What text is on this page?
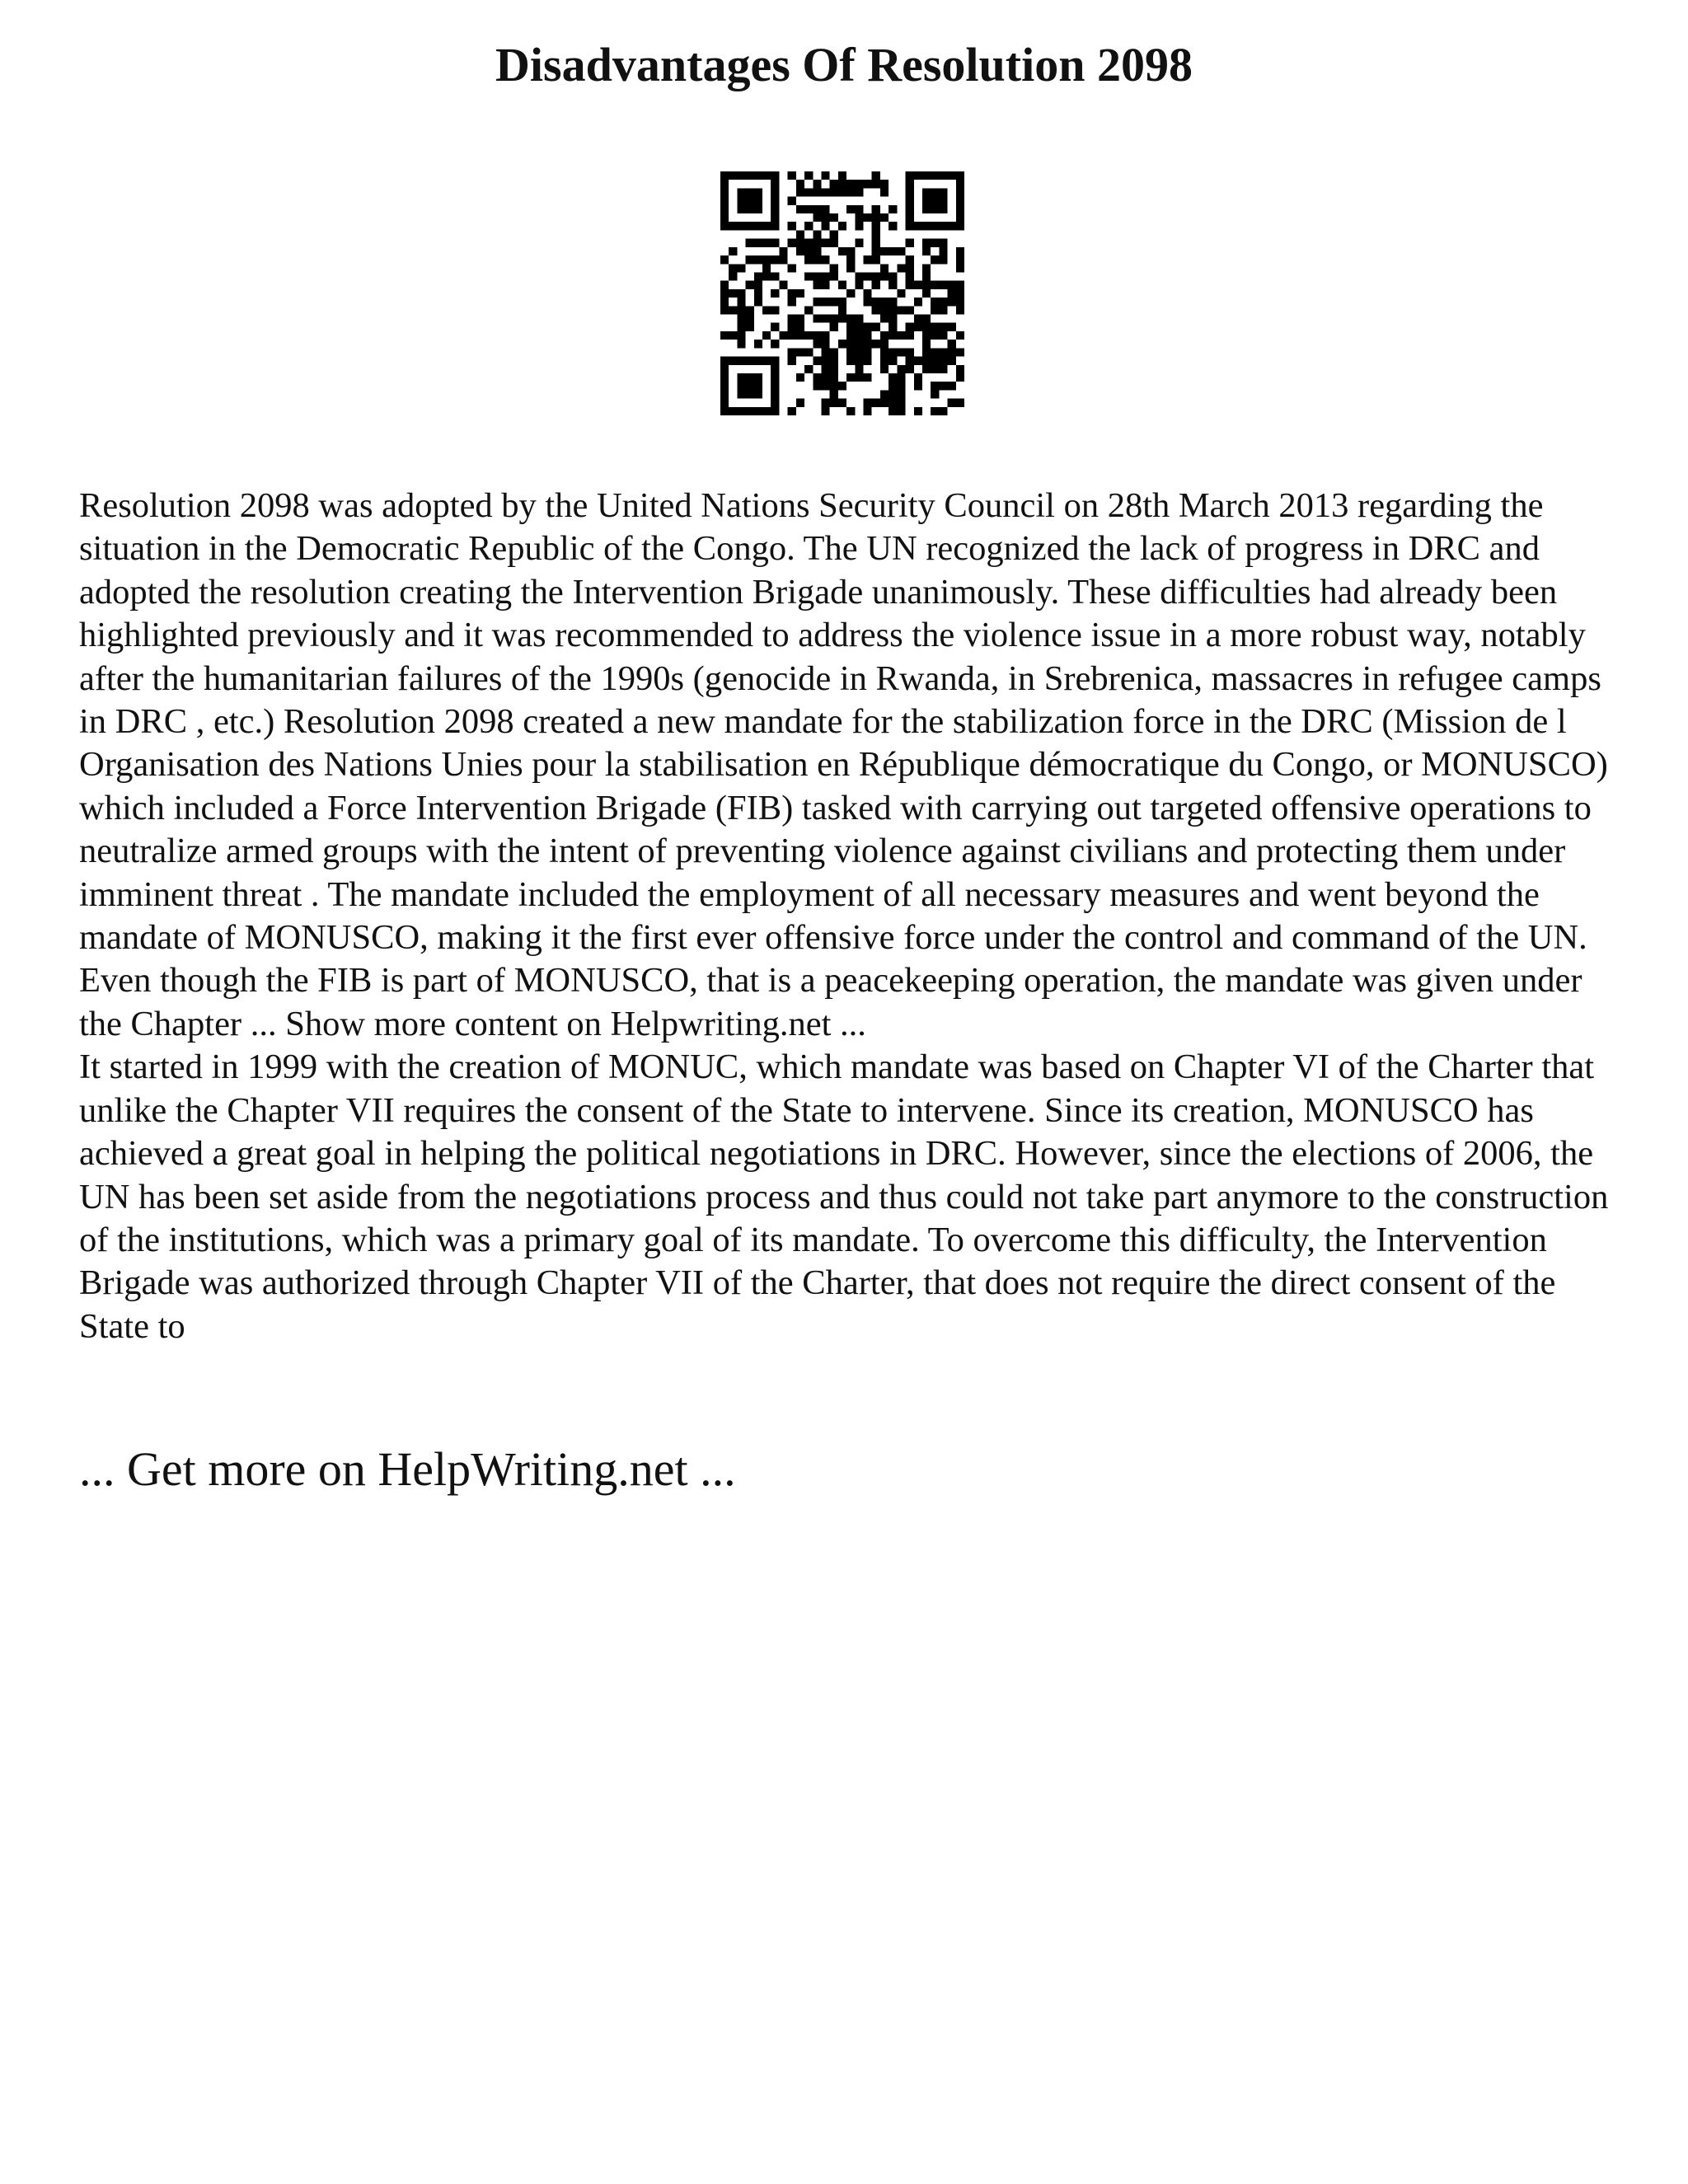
Disadvantages Of Resolution 2098

Resolution 2098 was adopted by the United Nations Security Council on 28th March 2013 regarding the situation in the Democratic Republic of the Congo. The UN recognized the lack of progress in DRC and adopted the resolution creating the Intervention Brigade unanimously. These difficulties had already been highlighted previously and it was recommended to address the violence issue in a more robust way, notably after the humanitarian failures of the 1990s (genocide in Rwanda, in Srebrenica, massacres in refugee camps in DRC , etc.) Resolution 2098 created a new mandate for the stabilization force in the DRC (Mission de l Organisation des Nations Unies pour la stabilisation en République démocratique du Congo, or MONUSCO) which included a Force Intervention Brigade (FIB) tasked with carrying out targeted offensive operations to neutralize armed groups with the intent of preventing violence against civilians and protecting them under imminent threat . The mandate included the employment of all necessary measures and went beyond the mandate of MONUSCO, making it the first ever offensive force under the control and command of the UN. Even though the FIB is part of MONUSCO, that is a peacekeeping operation, the mandate was given under the Chapter ... Show more content on Helpwriting.net ...

It started in 1999 with the creation of MONUC, which mandate was based on Chapter VI of the Charter that unlike the Chapter VII requires the consent of the State to intervene. Since its creation, MONUSCO has achieved a great goal in helping the political negotiations in DRC. However, since the elections of 2006, the UN has been set aside from the negotiations process and thus could not take part anymore to the construction of the institutions, which was a primary goal of its mandate. To overcome this difficulty, the Intervention Brigade was authorized through Chapter VII of the Charter, that does not require the direct consent of the State to

... Get more on HelpWriting.net ...
